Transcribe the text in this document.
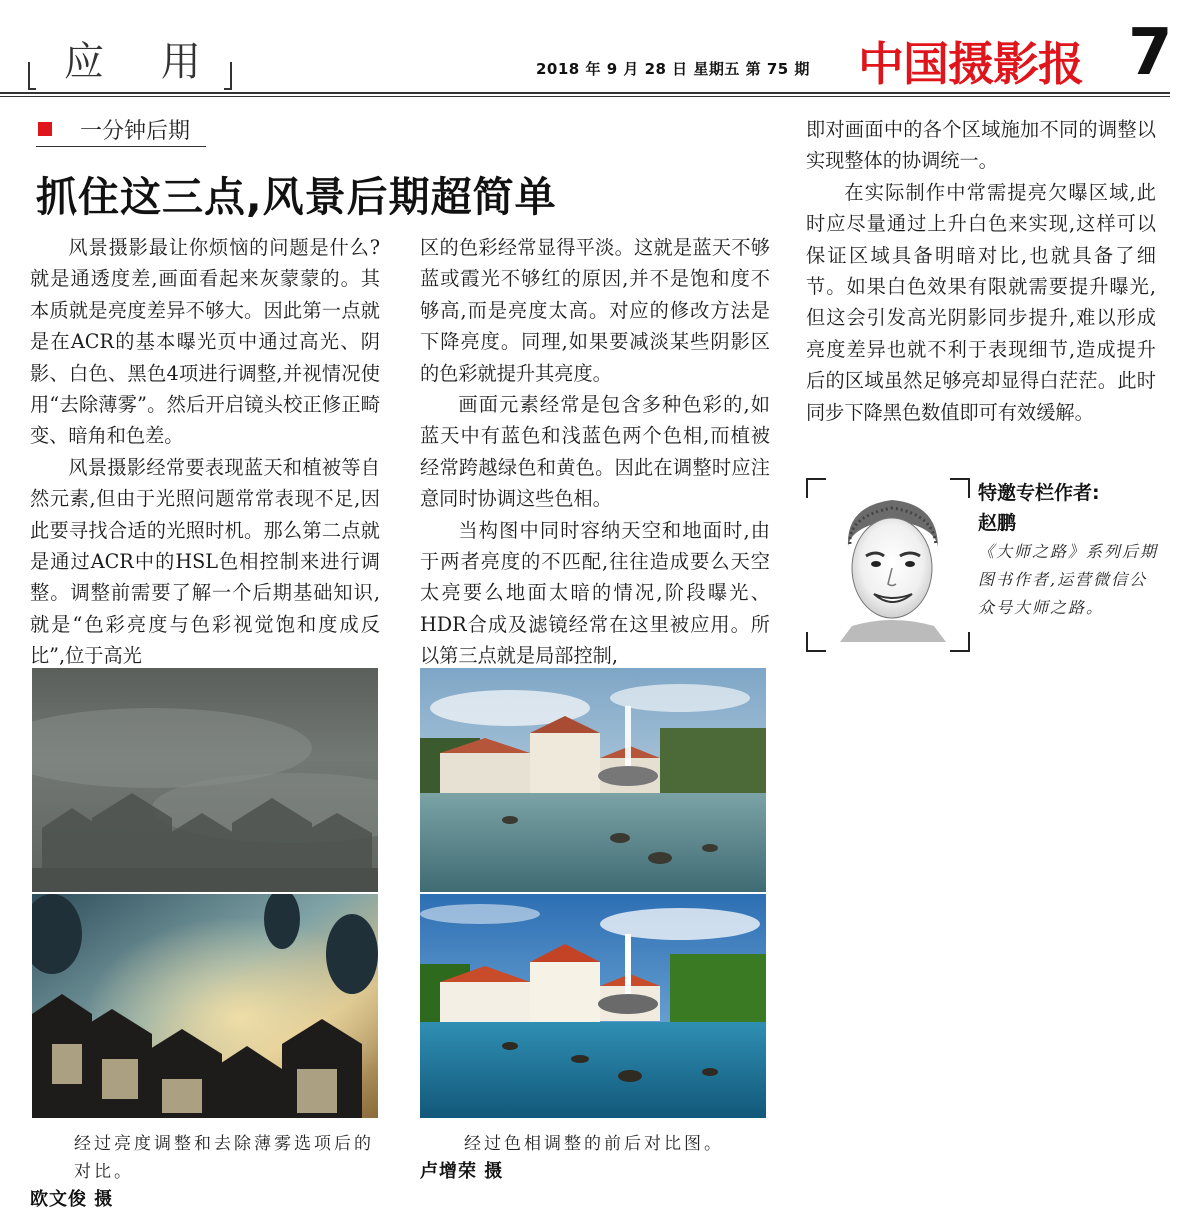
应 用	2018 年 9 月 28 日 星期五 第 75 期 中国摄影报 7
一分钟后期
抓住这三点,风景后期超简单

风景摄影最让你烦恼的问题是什么?就是通透度差,画面看起来灰蒙蒙的。其本质就是亮度差异不够大。因此第一点就是在ACR的基本曝光页中通过高光、阴影、白色、黑色4项进行调整,并视情况使用“去除薄雾”。然后开启镜头校正修正畸变、暗角和色差。

风景摄影经常要表现蓝天和植被等自然元素,但由于光照问题常常表现不足,因此要寻找合适的光照时机。那么第二点就是通过ACR中的HSL色相控制来进行调整。调整前需要了解一个后期基础知识,就是“色彩亮度与色彩视觉饱和度成反比”,位于高光

区的色彩经常显得平淡。这就是蓝天不够蓝或霞光不够红的原因,并不是饱和度不够高,而是亮度太高。对应的修改方法是下降亮度。同理,如果要减淡某些阴影区的色彩就提升其亮度。

画面元素经常是包含多种色彩的,如蓝天中有蓝色和浅蓝色两个色相,而植被经常跨越绿色和黄色。因此在调整时应注意同时协调这些色相。

当构图中同时容纳天空和地面时,由于两者亮度的不匹配,往往造成要么天空太亮要么地面太暗的情况,阶段曝光、HDR合成及滤镜经常在这里被应用。所以第三点就是局部控制,

即对画面中的各个区域施加不同的调整以实现整体的协调统一。

在实际制作中常需提亮欠曝区域,此时应尽量通过上升白色来实现,这样可以保证区域具备明暗对比,也就具备了细节。如果白色效果有限就需要提升曝光,但这会引发高光阴影同步提升,难以形成亮度差异也就不利于表现细节,造成提升后的区域虽然足够亮却显得白茫茫。此时同步下降黑色数值即可有效缓解。

特邀专栏作者:
赵鹏
《大师之路》系列后期图书作者,运营微信公众号大师之路。
经过亮度调整和去除薄雾选项后的对比。
欧文俊 摄
经过色相调整的前后对比图。
卢增荣 摄
